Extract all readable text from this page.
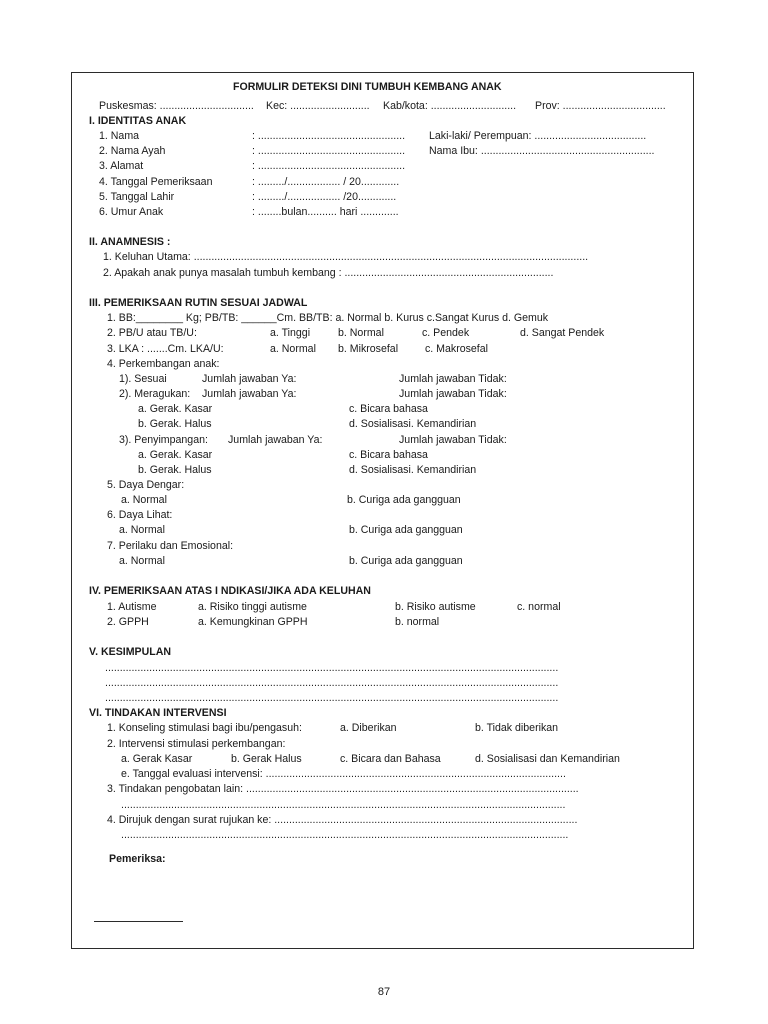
FORMULIR DETEKSI DINI TUMBUH KEMBANG ANAK
Puskesmas: ................................ Kec: ........................... Kab/kota: ............................. Prov: ...................................
I. IDENTITAS ANAK
1. Nama	: .................................................. Laki-laki/ Perempuan: ......................................
2. Nama Ayah	: .................................................. Nama Ibu: ...........................................................
3. Alamat	: ..................................................
4. Tanggal Pemeriksaan	: ........./.................. / 20.............
5. Tanggal Lahir	: ........./.................. /20.............
6. Umur Anak	: ........bulan.......... hari .............
II. ANAMNESIS :
1. Keluhan Utama: ......................................................................................................................................
2. Apakah anak punya masalah tumbuh kembang : .......................................................................
III. PEMERIKSAAN RUTIN SESUAI JADWAL
1. BB:________ Kg; PB/TB: ______Cm. BB/TB: a. Normal b. Kurus c.Sangat Kurus d. Gemuk
2. PB/U atau TB/U:	a. Tinggi	b. Normal	c. Pendek	d. Sangat Pendek
3. LKA : .......Cm. LKA/U:	a. Normal b. Mikrosefal	c. Makrosefal
4. Perkembangan anak:
1). Sesuai	Jumlah jawaban Ya:	Jumlah jawaban Tidak:
2). Meragukan: Jumlah jawaban Ya:	Jumlah jawaban Tidak:
a. Gerak. Kasar	c. Bicara bahasa
b. Gerak. Halus	d. Sosialisasi. Kemandirian
3). Penyimpangan: Jumlah jawaban Ya:	Jumlah jawaban Tidak:
a. Gerak. Kasar	c. Bicara bahasa
b. Gerak. Halus	d. Sosialisasi. Kemandirian
5. Daya Dengar:
a. Normal	b. Curiga ada gangguan
6. Daya Lihat:
a. Normal	b. Curiga ada gangguan
7. Perilaku dan Emosional:
a. Normal	b. Curiga ada gangguan
IV. PEMERIKSAAN ATAS I NDIKASI/JIKA ADA KELUHAN
1. Autisme	a. Risiko tinggi autisme	b. Risiko autisme	c. normal
2. GPPH	a. Kemungkinan GPPH	b. normal
V. KESIMPULAN
..........................................................................................................................................................
..........................................................................................................................................................
..........................................................................................................................................................
VI. TINDAKAN INTERVENSI
1. Konseling stimulasi bagi ibu/pengasuh:	a. Diberikan	b. Tidak diberikan
2. Intervensi stimulasi perkembangan:
a. Gerak Kasar	b. Gerak Halus	c. Bicara dan Bahasa	d. Sosialisasi dan Kemandirian
e. Tanggal evaluasi intervensi: ......................................................................................................
3. Tindakan pengobatan lain: .................................................................................................................
.......................................................................................................................................................
4. Dirujuk dengan surat rujukan ke: .......................................................................................................
........................................................................................................................................................
Pemeriksa:
87
